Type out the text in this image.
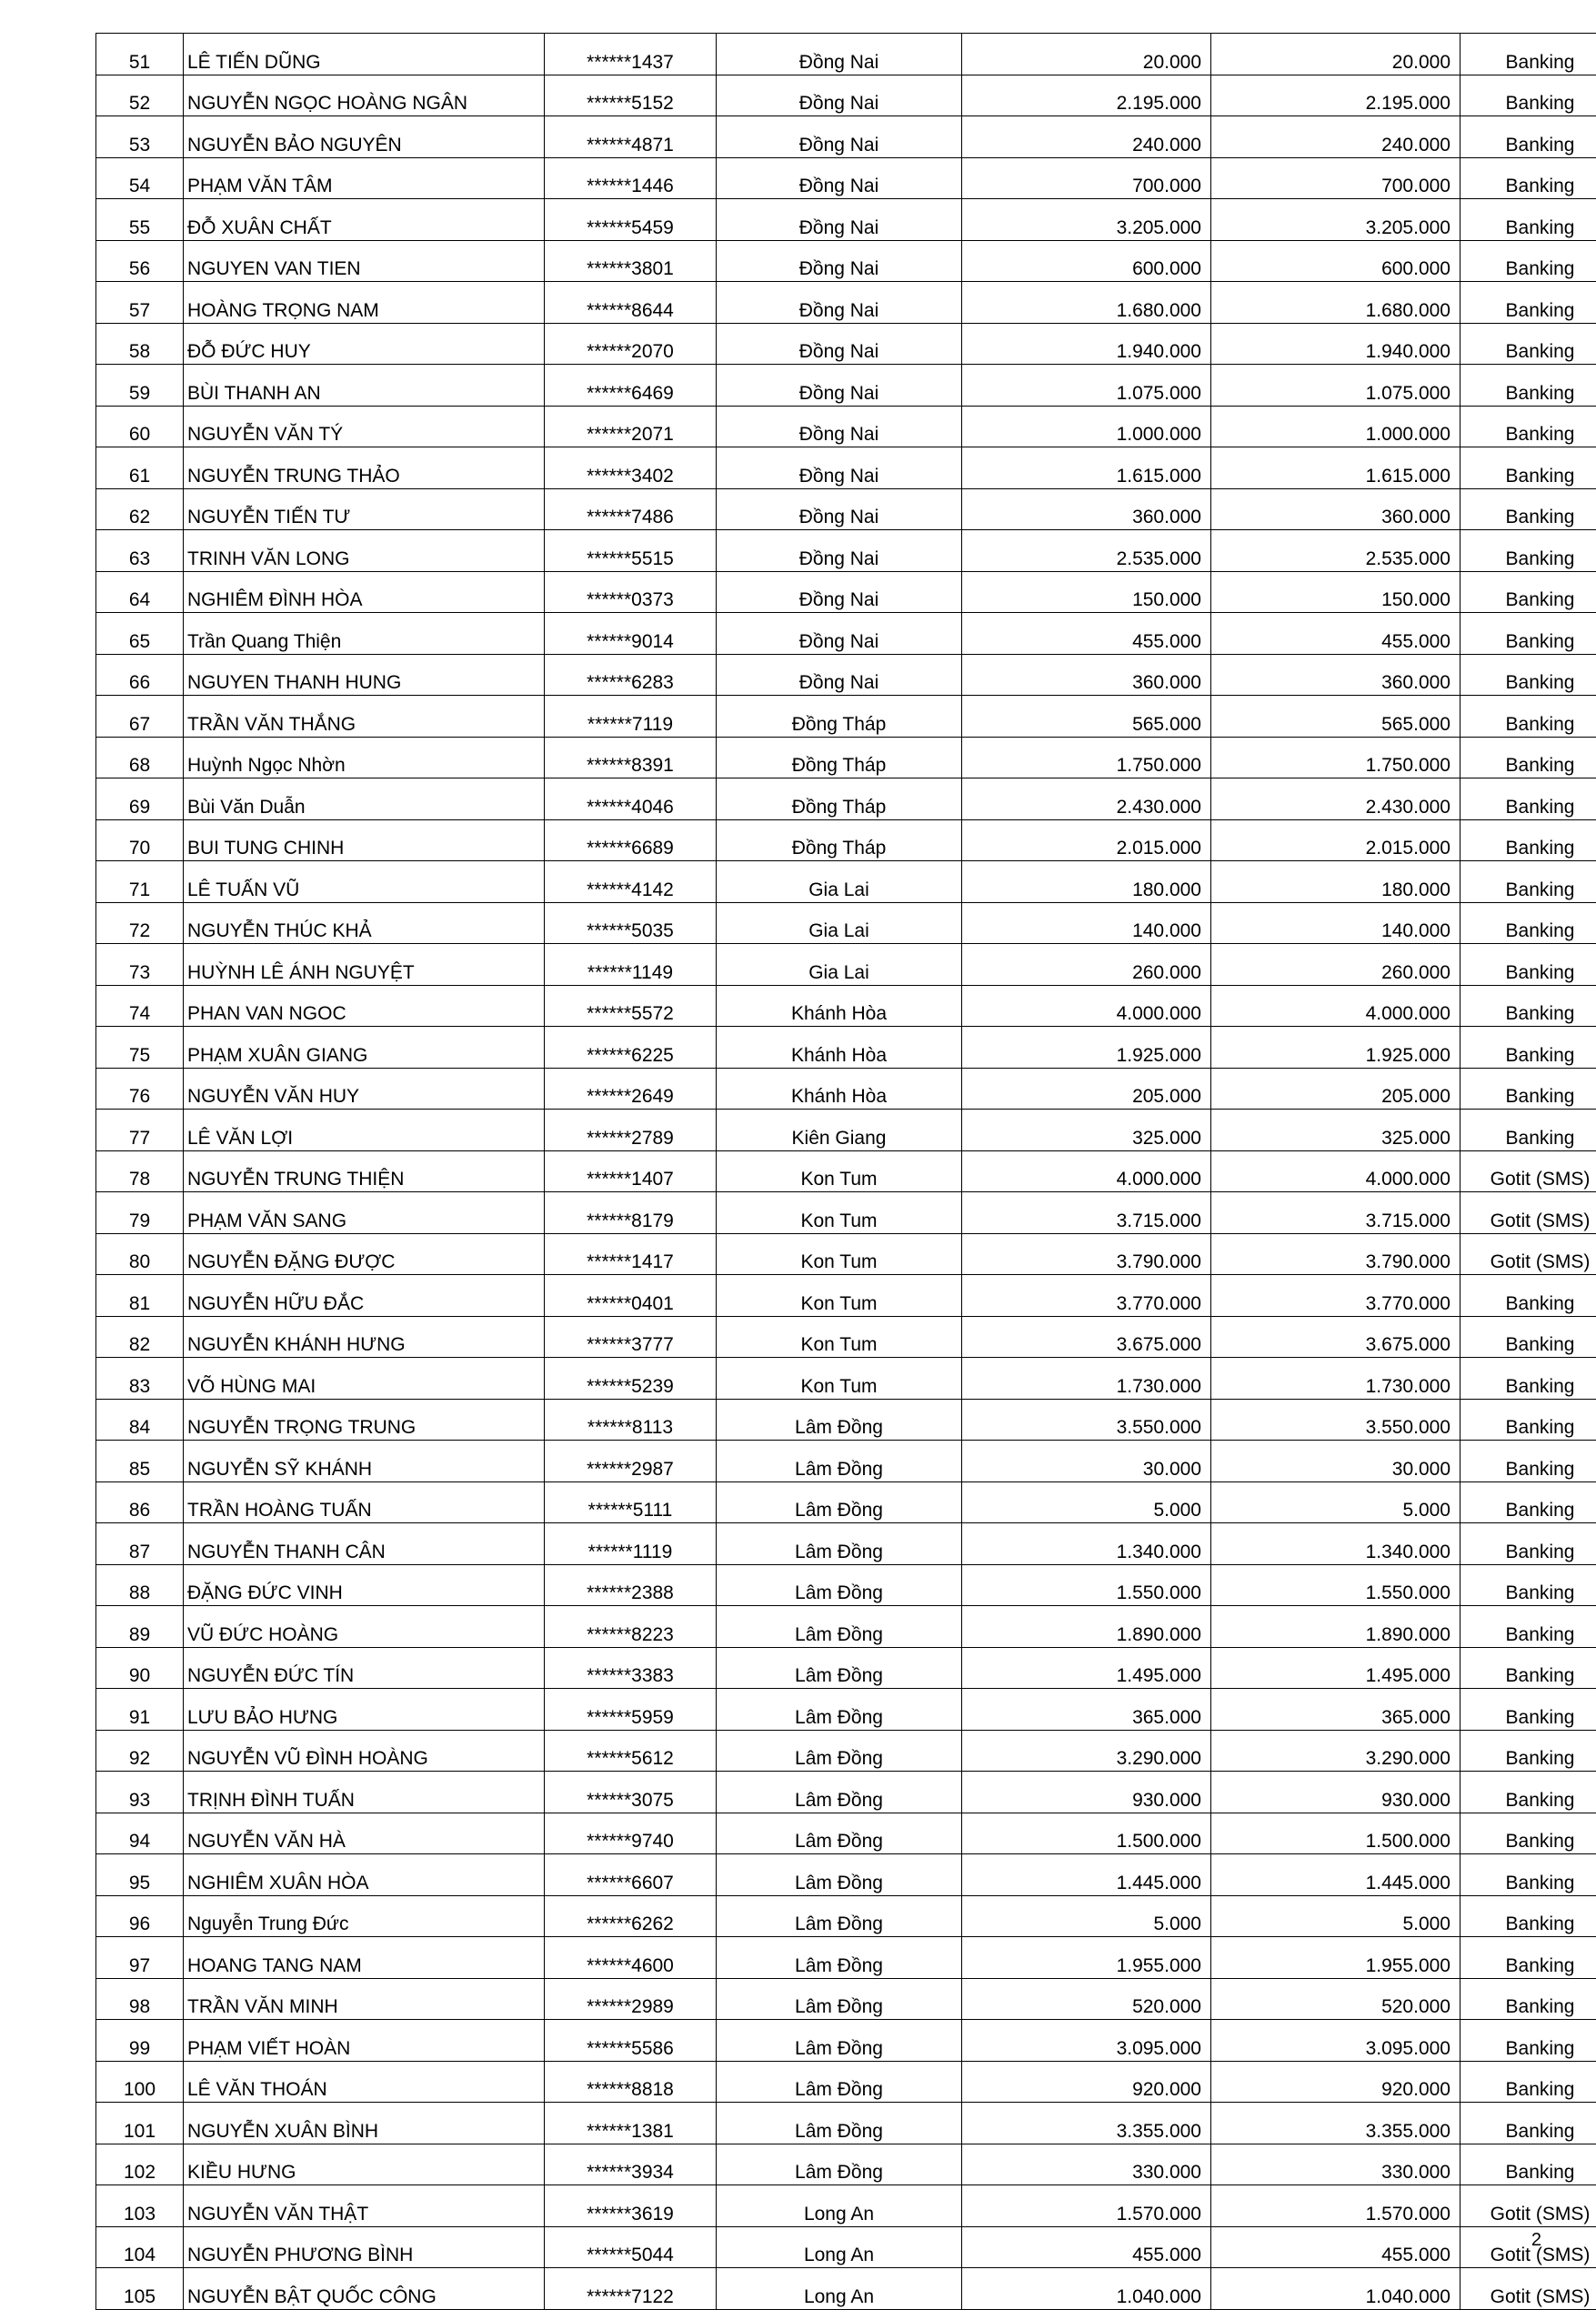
51	LÊ TIẾN DŨNG	******1437	Đồng Nai	20.000	20.000	Banking
52	NGUYỄN NGỌC HOÀNG NGÂN	******5152	Đồng Nai	2.195.000	2.195.000	Banking
53	NGUYỄN BẢO NGUYÊN	******4871	Đồng Nai	240.000	240.000	Banking
54	PHẠM VĂN TÂM	******1446	Đồng Nai	700.000	700.000	Banking
55	ĐỖ XUÂN CHẤT	******5459	Đồng Nai	3.205.000	3.205.000	Banking
56	NGUYEN VAN TIEN	******3801	Đồng Nai	600.000	600.000	Banking
57	HOÀNG TRỌNG NAM	******8644	Đồng Nai	1.680.000	1.680.000	Banking
58	ĐỖ ĐỨC HUY	******2070	Đồng Nai	1.940.000	1.940.000	Banking
59	BÙI THANH AN	******6469	Đồng Nai	1.075.000	1.075.000	Banking
60	NGUYỄN VĂN TÝ	******2071	Đồng Nai	1.000.000	1.000.000	Banking
61	NGUYỄN TRUNG THẢO	******3402	Đồng Nai	1.615.000	1.615.000	Banking
62	NGUYỄN TIẾN TƯ	******7486	Đồng Nai	360.000	360.000	Banking
63	TRINH VĂN LONG	******5515	Đồng Nai	2.535.000	2.535.000	Banking
64	NGHIÊM ĐÌNH HÒA	******0373	Đồng Nai	150.000	150.000	Banking
65	Trần Quang Thiện	******9014	Đồng Nai	455.000	455.000	Banking
66	NGUYEN THANH HUNG	******6283	Đồng Nai	360.000	360.000	Banking
67	TRẦN VĂN THẮNG	******7119	Đồng Tháp	565.000	565.000	Banking
68	Huỳnh Ngọc Nhờn	******8391	Đồng Tháp	1.750.000	1.750.000	Banking
69	Bùi Văn Duẫn	******4046	Đồng Tháp	2.430.000	2.430.000	Banking
70	BUI TUNG CHINH	******6689	Đồng Tháp	2.015.000	2.015.000	Banking
71	LÊ TUẤN VŨ	******4142	Gia Lai	180.000	180.000	Banking
72	NGUYỄN THÚC KHẢ	******5035	Gia Lai	140.000	140.000	Banking
73	HUỲNH LÊ ÁNH NGUYỆT	******1149	Gia Lai	260.000	260.000	Banking
74	PHAN VAN NGOC	******5572	Khánh Hòa	4.000.000	4.000.000	Banking
75	PHẠM XUÂN GIANG	******6225	Khánh Hòa	1.925.000	1.925.000	Banking
76	NGUYỄN VĂN HUY	******2649	Khánh Hòa	205.000	205.000	Banking
77	LÊ VĂN LỢI	******2789	Kiên Giang	325.000	325.000	Banking
78	NGUYỄN TRUNG THIỆN	******1407	Kon Tum	4.000.000	4.000.000	Gotit (SMS)
79	PHẠM VĂN SANG	******8179	Kon Tum	3.715.000	3.715.000	Gotit (SMS)
80	NGUYỄN ĐẶNG ĐƯỢC	******1417	Kon Tum	3.790.000	3.790.000	Gotit (SMS)
81	NGUYỄN HỮU ĐẮC	******0401	Kon Tum	3.770.000	3.770.000	Banking
82	NGUYỄN KHÁNH HƯNG	******3777	Kon Tum	3.675.000	3.675.000	Banking
83	VÕ HÙNG MAI	******5239	Kon Tum	1.730.000	1.730.000	Banking
84	NGUYỄN TRỌNG TRUNG	******8113	Lâm Đồng	3.550.000	3.550.000	Banking
85	NGUYỄN SỸ KHÁNH	******2987	Lâm Đồng	30.000	30.000	Banking
86	TRẦN HOÀNG TUẤN	******5111	Lâm Đồng	5.000	5.000	Banking
87	NGUYỄN THANH CÂN	******1119	Lâm Đồng	1.340.000	1.340.000	Banking
88	ĐẶNG ĐỨC VINH	******2388	Lâm Đồng	1.550.000	1.550.000	Banking
89	VŨ ĐỨC HOÀNG	******8223	Lâm Đồng	1.890.000	1.890.000	Banking
90	NGUYỄN ĐỨC TÍN	******3383	Lâm Đồng	1.495.000	1.495.000	Banking
91	LƯU BẢO HƯNG	******5959	Lâm Đồng	365.000	365.000	Banking
92	NGUYỄN VŨ ĐÌNH HOÀNG	******5612	Lâm Đồng	3.290.000	3.290.000	Banking
93	TRỊNH ĐÌNH TUẤN	******3075	Lâm Đồng	930.000	930.000	Banking
94	NGUYỄN VĂN HÀ	******9740	Lâm Đồng	1.500.000	1.500.000	Banking
95	NGHIÊM XUÂN HÒA	******6607	Lâm Đồng	1.445.000	1.445.000	Banking
96	Nguyễn Trung Đức	******6262	Lâm Đồng	5.000	5.000	Banking
97	HOANG TANG NAM	******4600	Lâm Đồng	1.955.000	1.955.000	Banking
98	TRẦN VĂN MINH	******2989	Lâm Đồng	520.000	520.000	Banking
99	PHẠM VIẾT HOÀN	******5586	Lâm Đồng	3.095.000	3.095.000	Banking
100	LÊ VĂN THOÁN	******8818	Lâm Đồng	920.000	920.000	Banking
101	NGUYỄN XUÂN BÌNH	******1381	Lâm Đồng	3.355.000	3.355.000	Banking
102	KIỀU HƯNG	******3934	Lâm Đồng	330.000	330.000	Banking
103	NGUYỄN VĂN THẬT	******3619	Long An	1.570.000	1.570.000	Gotit (SMS)
104	NGUYỄN PHƯƠNG BÌNH	******5044	Long An	455.000	455.000	Gotit (SMS)
105	NGUYỄN BẬT QUỐC CÔNG	******7122	Long An	1.040.000	1.040.000	Gotit (SMS)
2
